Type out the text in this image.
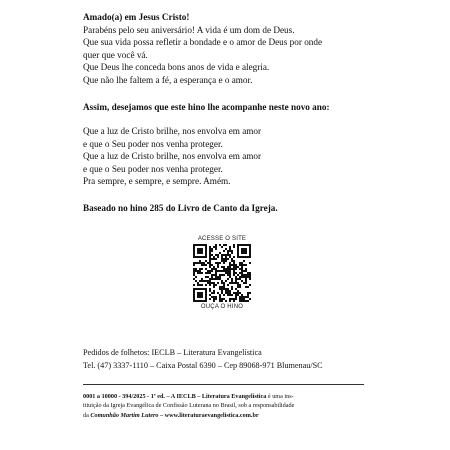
Amado(a) em Jesus Cristo!
Parabéns pelo seu aniversário! A vida é um dom de Deus.
Que sua vida possa refletir a bondade e o amor de Deus por onde
quer que você vá.
Que Deus lhe conceda bons anos de vida e alegria.
Que não lhe faltem a fé, a esperança e o amor.
Assim, desejamos que este hino lhe acompanhe neste novo ano:
Que a luz de Cristo brilhe, nos envolva em amor
e que o Seu poder nos venha proteger.
Que a luz de Cristo brilhe, nos envolva em amor
e que o Seu poder nos venha proteger.
Pra sempre, e sempre, e sempre. Amém.
Baseado no hino 285 do Livro de Canto da Igreja.
ACESSE O SITE
OUÇA O HINO
Pedidos de folhetos: IECLB – Literatura Evangelística
Tel. (47) 3337-1110 – Caixa Postal 6390 – Cep 89068-971 Blumenau/SC
0001 a 10000 - 394/2025 - 1ª ed. – A IECLB – Literatura Evangelística é uma ins-
tituição da Igreja Evangélica de Confissão Luterana no Brasil, sob a responsabilidade
da Comunhão Martim Lutero – www.literaturaevangelistica.com.br
